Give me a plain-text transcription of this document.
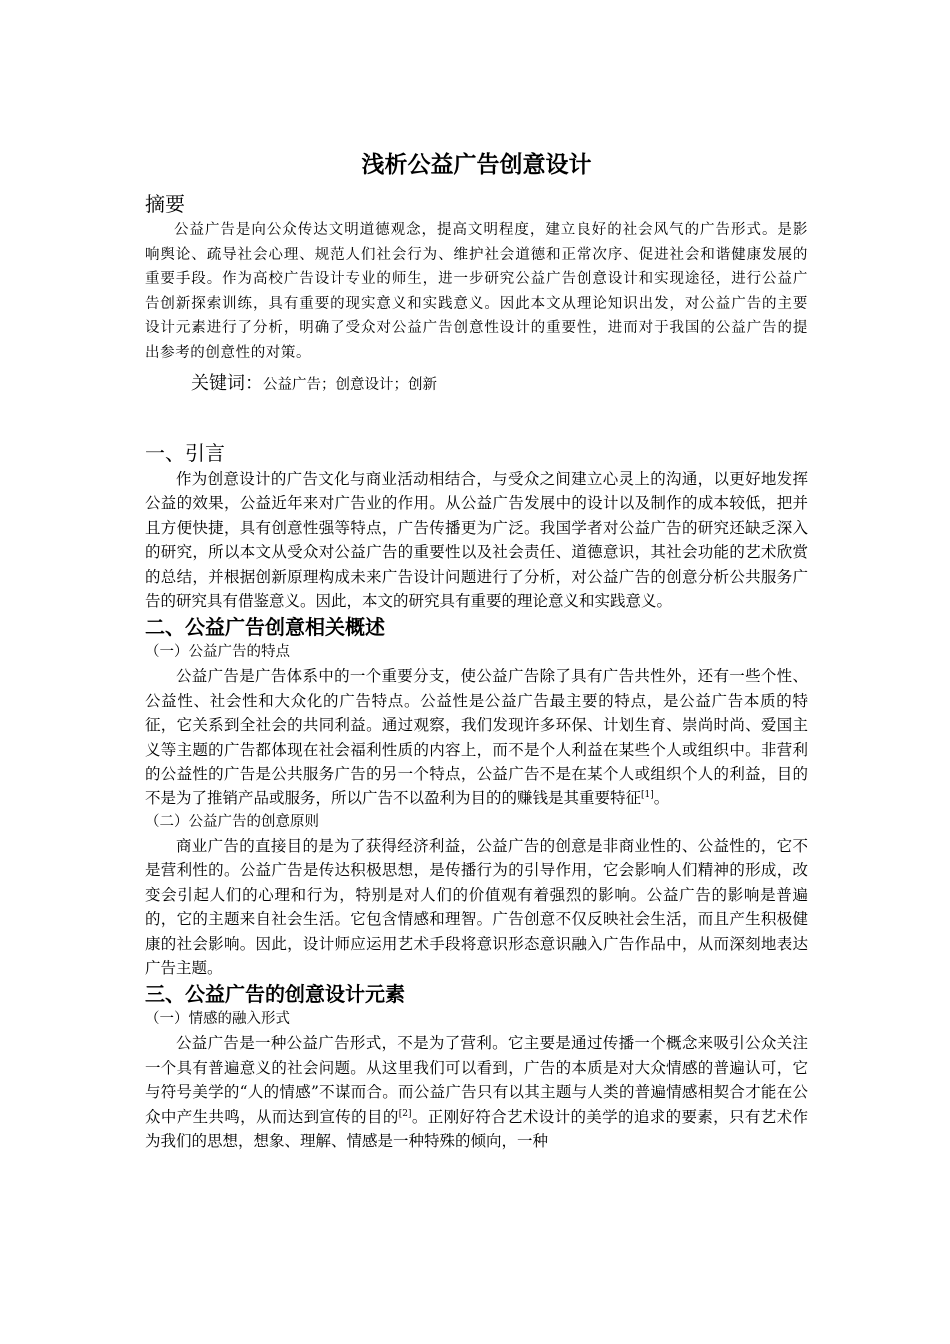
浅析公益广告创意设计
摘要

公益广告是向公众传达文明道德观念，提高文明程度，建立良好的社会风气的广告形式。是影响舆论、疏导社会心理、规范人们社会行为、维护社会道德和正常次序、促进社会和谐健康发展的重要手段。作为高校广告设计专业的师生，进一步研究公益广告创意设计和实现途径，进行公益广告创新探索训练，具有重要的现实意义和实践意义。因此本文从理论知识出发，对公益广告的主要设计元素进行了分析，明确了受众对公益广告创意性设计的重要性，进而对于我国的公益广告的提出参考的创意性的对策。

关键词：公益广告；创意设计；创新
一、引言

作为创意设计的广告文化与商业活动相结合，与受众之间建立心灵上的沟通，以更好地发挥公益的效果，公益近年来对广告业的作用。从公益广告发展中的设计以及制作的成本较低，把并且方便快捷，具有创意性强等特点，广告传播更为广泛。我国学者对公益广告的研究还缺乏深入的研究，所以本文从受众对公益广告的重要性以及社会责任、道德意识，其社会功能的艺术欣赏的总结，并根据创新原理构成未来广告设计问题进行了分析，对公益广告的创意分析公共服务广告的研究具有借鉴意义。因此，本文的研究具有重要的理论意义和实践意义。

二、公益广告创意相关概述
（一）公益广告的特点

公益广告是广告体系中的一个重要分支，使公益广告除了具有广告共性外，还有一些个性、公益性、社会性和大众化的广告特点。公益性是公益广告最主要的特点，是公益广告本质的特征，它关系到全社会的共同利益。通过观察，我们发现许多环保、计划生育、崇尚时尚、爱国主义等主题的广告都体现在社会福利性质的内容上，而不是个人利益在某些个人或组织中。非营利的公益性的广告是公共服务广告的另一个特点，公益广告不是在某个人或组织个人的利益，目的不是为了推销产品或服务，所以广告不以盈利为目的的赚钱是其重要特征[1]。

（二）公益广告的创意原则

商业广告的直接目的是为了获得经济利益，公益广告的创意是非商业性的、公益性的，它不是营利性的。公益广告是传达积极思想，是传播行为的引导作用，它会影响人们精神的形成，改变会引起人们的心理和行为，特别是对人们的价值观有着强烈的影响。公益广告的影响是普遍的，它的主题来自社会生活。它包含情感和理智。广告创意不仅反映社会生活，而且产生积极健康的社会影响。因此，设计师应运用艺术手段将意识形态意识融入广告作品中，从而深刻地表达广告主题。

三、公益广告的创意设计元素
（一）情感的融入形式

公益广告是一种公益广告形式，不是为了营利。它主要是通过传播一个概念来吸引公众关注一个具有普遍意义的社会问题。从这里我们可以看到，广告的本质是对大众情感的普遍认可，它与符号美学的“人的情感”不谋而合。而公益广告只有以其主题与人类的普遍情感相契合才能在公众中产生共鸣，从而达到宣传的目的[2]。正刚好符合艺术设计的美学的追求的要素，只有艺术作为我们的思想，想象、理解、情感是一种特殊的倾向，一种
